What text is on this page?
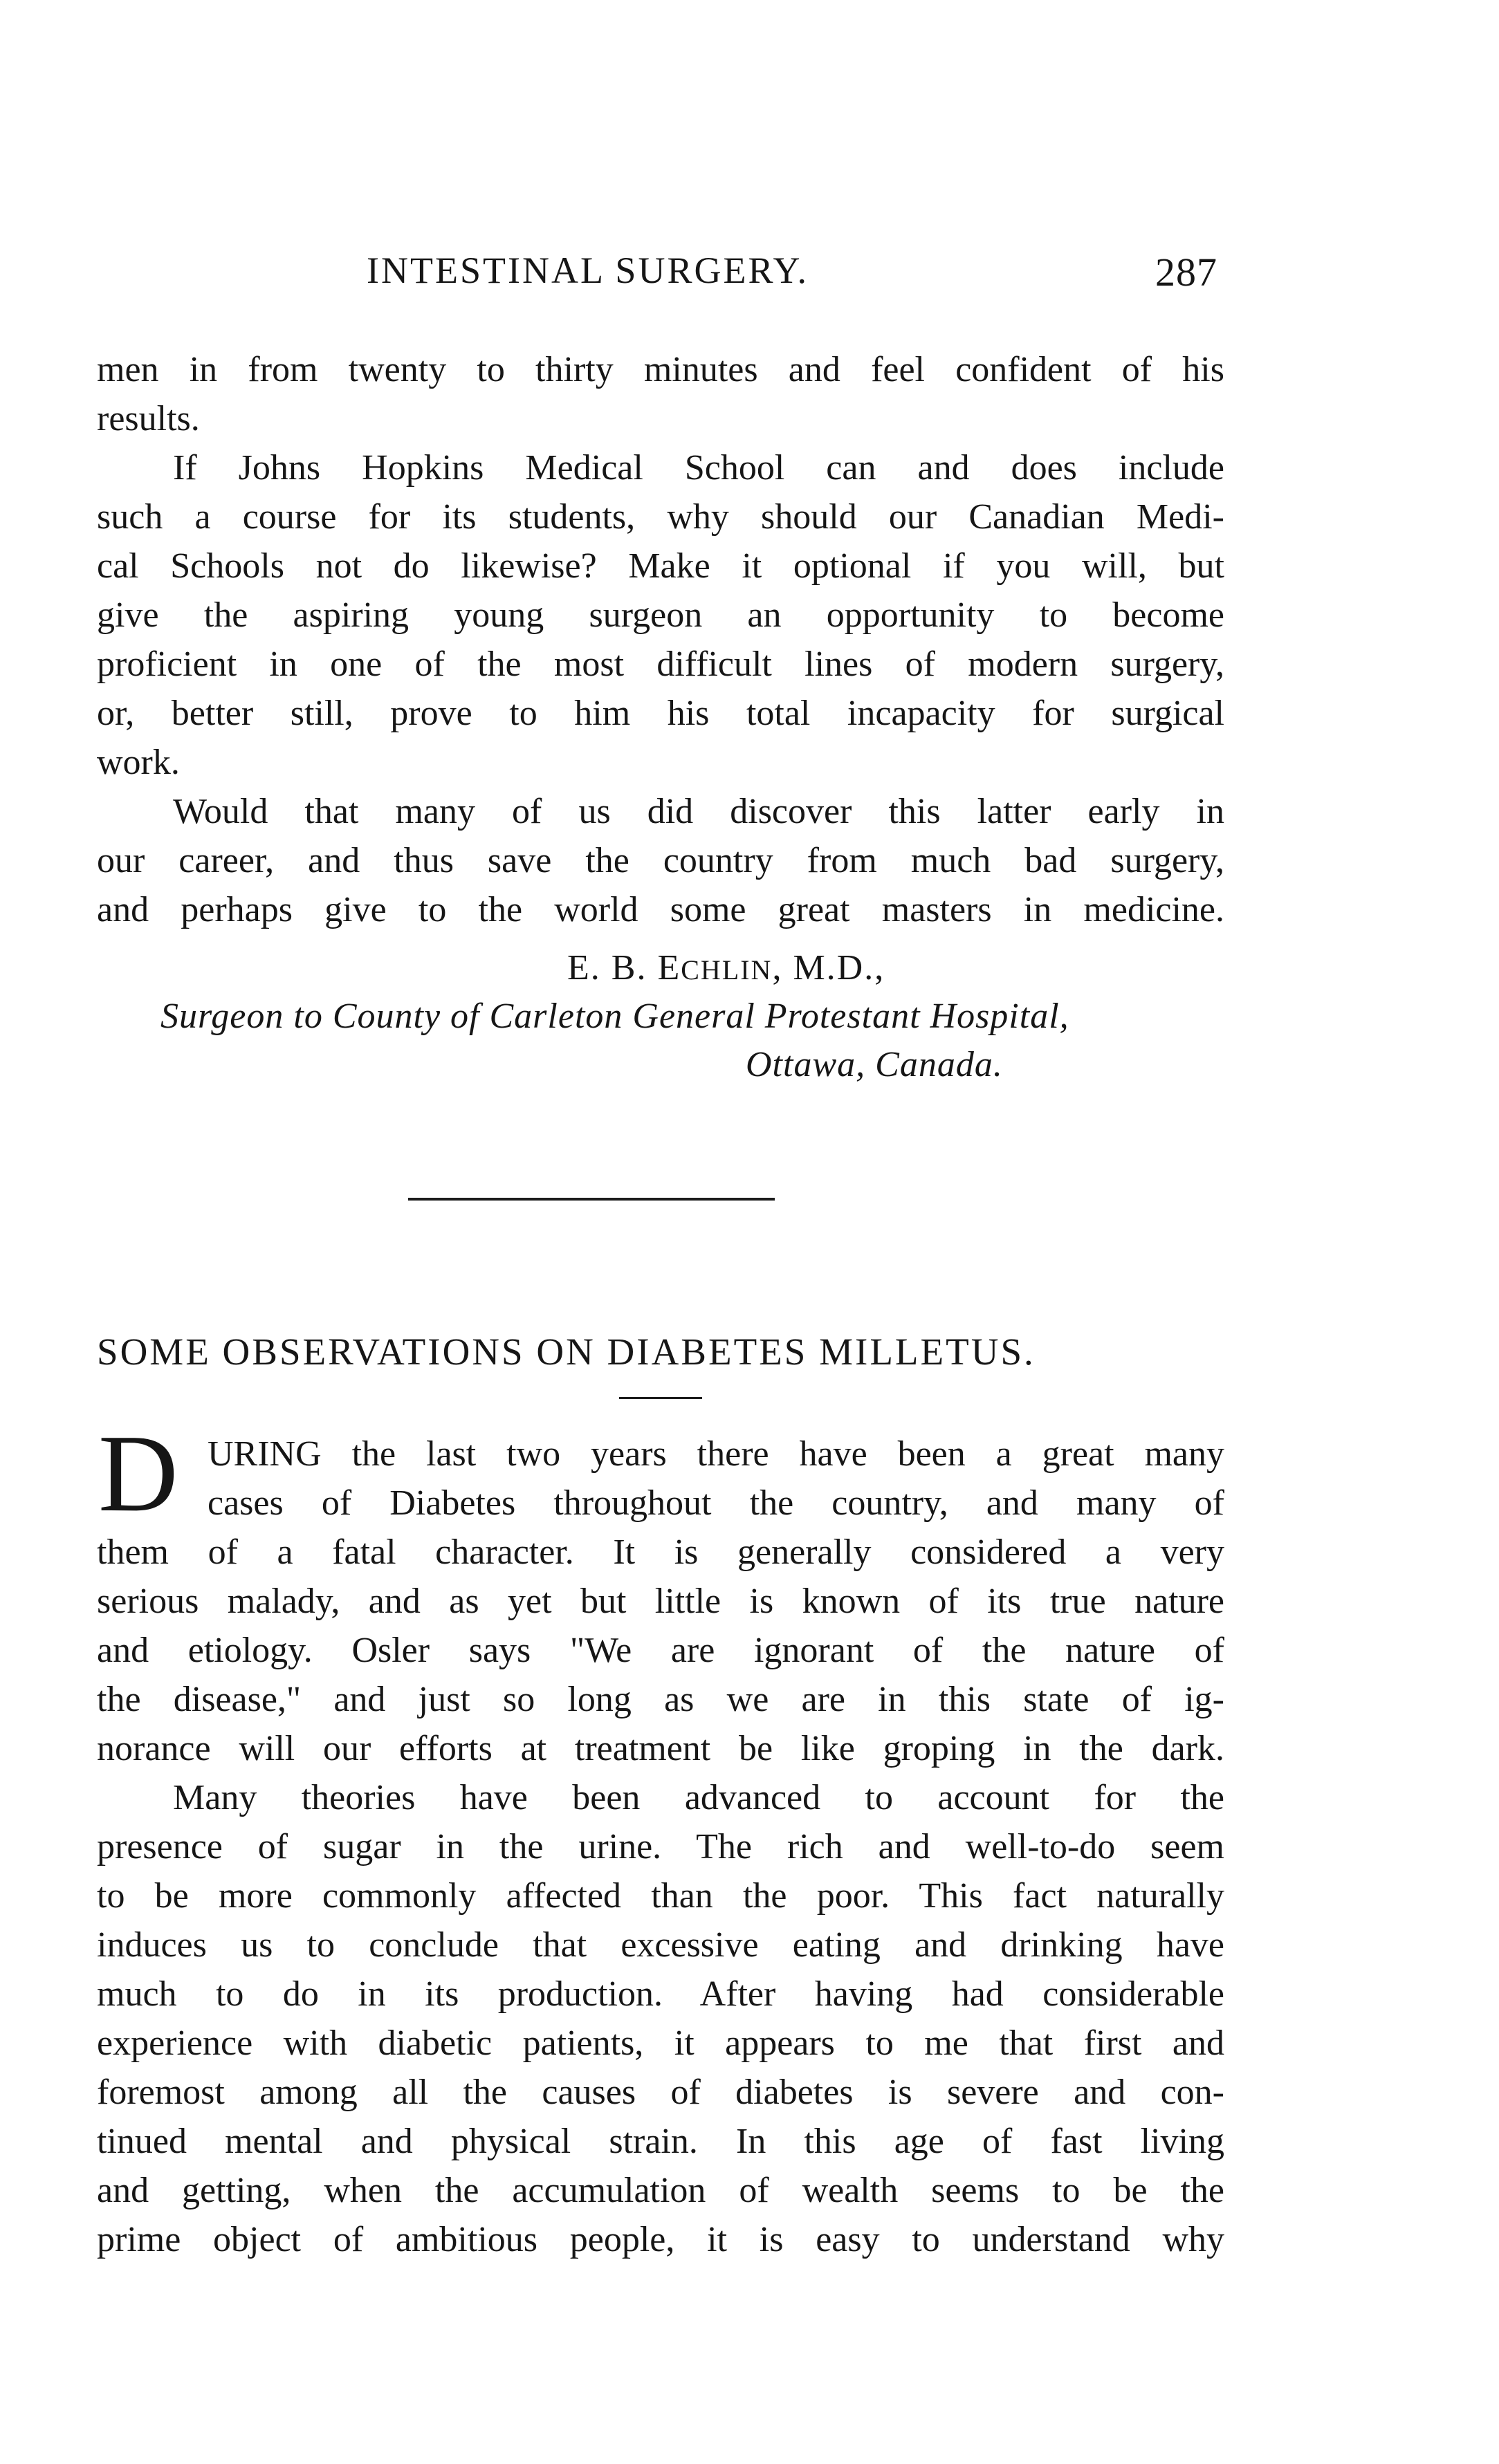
INTESTINAL SURGERY.	287
men in from twenty to thirty minutes and feel confident of his
results.
If Johns Hopkins Medical School can and does include
such a course for its students, why should our Canadian Medi-
cal Schools not do likewise? Make it optional if you will, but
give the aspiring young surgeon an opportunity to become
proficient in one of the most difficult lines of modern surgery,
or, better still, prove to him his total incapacity for surgical
work.
Would that many of us did discover this latter early in
our career, and thus save the country from much bad surgery,
and perhaps give to the world some great masters in medicine.
E. B. ECHLIN, M.D.,
Surgeon to County of Carleton General Protestant Hospital,
Ottawa, Canada.
SOME OBSERVATIONS ON DIABETES MILLETUS.
D URING the last two years there have been a great many
cases of Diabetes throughout the country, and many of
them of a fatal character. It is generally considered a very
serious malady, and as yet but little is known of its true nature
and etiology. Osler says "We are ignorant of the nature of
the disease," and just so long as we are in this state of ig-
norance will our efforts at treatment be like groping in the dark.
Many theories have been advanced to account for the
presence of sugar in the urine. The rich and well-to-do seem
to be more commonly affected than the poor. This fact naturally
induces us to conclude that excessive eating and drinking have
much to do in its production. After having had considerable
experience with diabetic patients, it appears to me that first and
foremost among all the causes of diabetes is severe and con-
tinued mental and physical strain. In this age of fast living
and getting, when the accumulation of wealth seems to be the
prime object of ambitious people, it is easy to understand why
